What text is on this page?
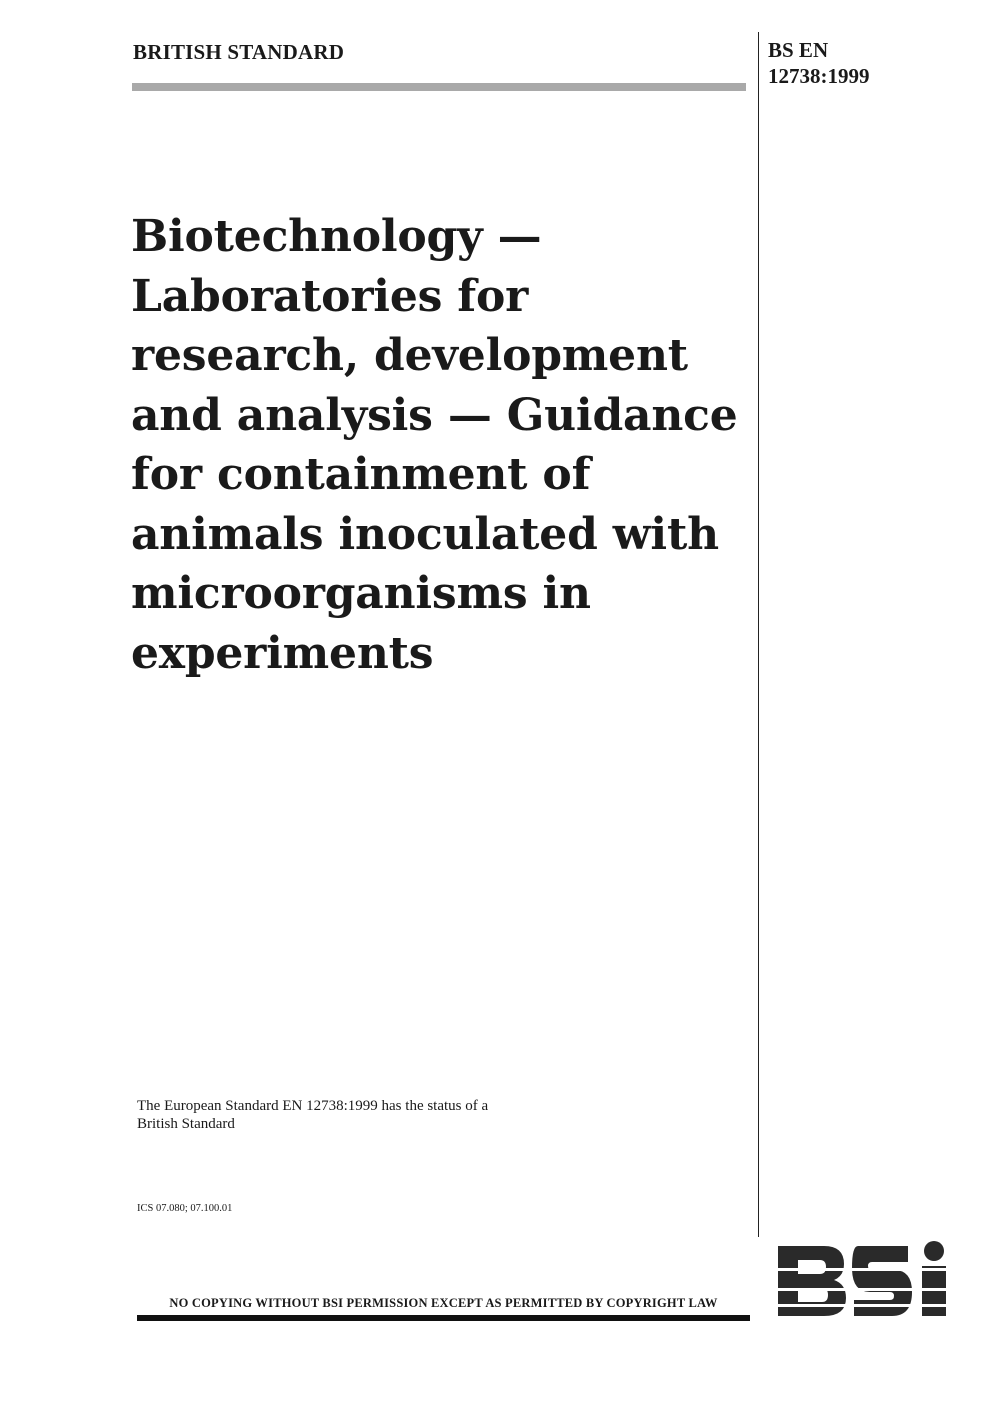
BRITISH STANDARD	BS EN
12738:1999
Biotechnology —
Laboratories for
research, development
and analysis — Guidance
for containment of
animals inoculated with
microorganisms in
experiments
The European Standard EN 12738:1999 has the status of a
British Standard
ICS 07.080; 07.100.01
NO COPYING WITHOUT BSI PERMISSION EXCEPT AS PERMITTED BY COPYRIGHT LAW
